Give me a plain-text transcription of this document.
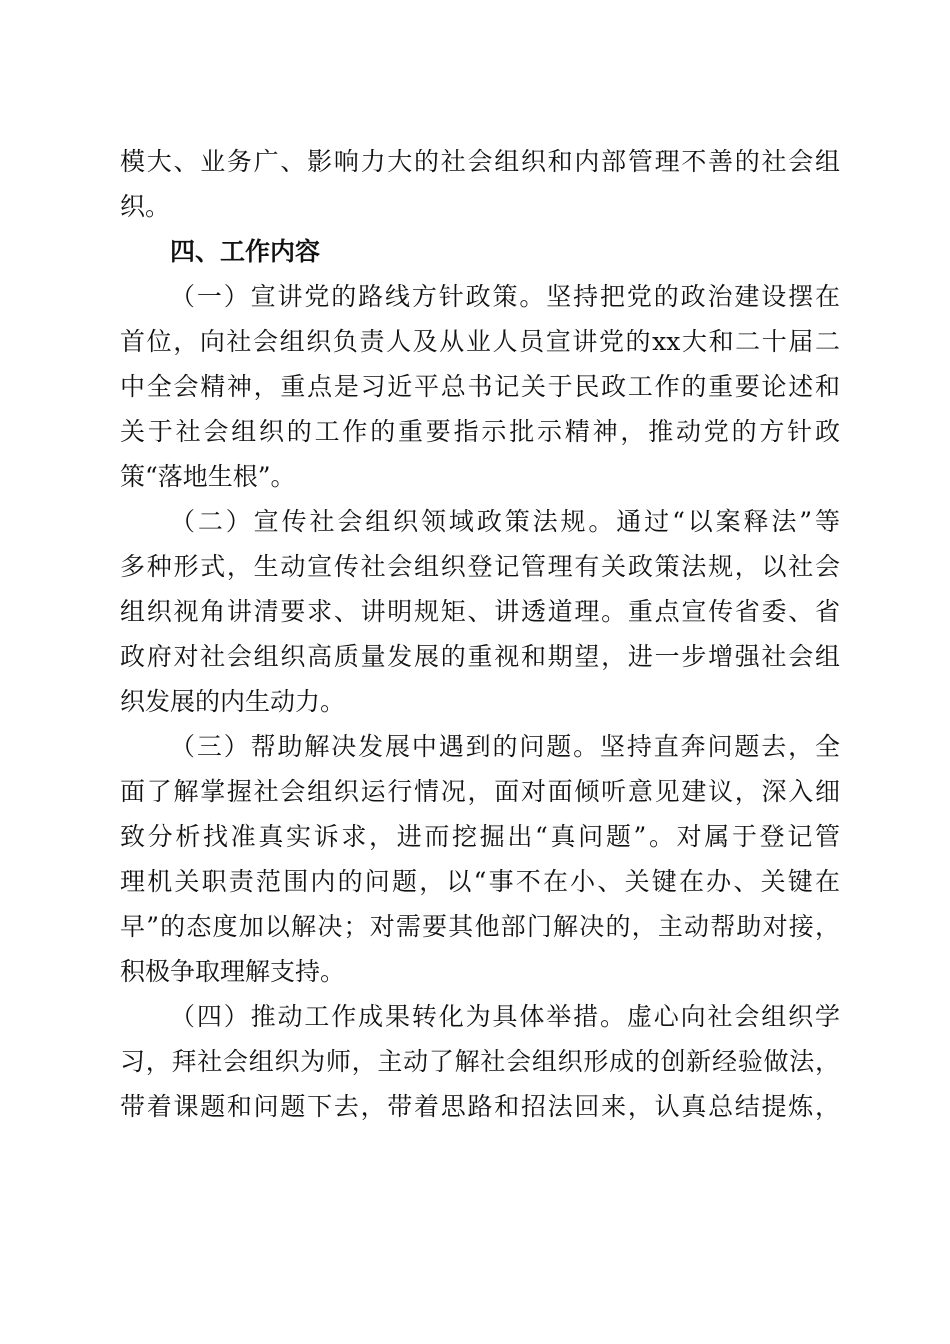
模大、业务广、影响力大的社会组织和内部管理不善的社会组

织。

四、工作内容

（一）宣讲党的路线方针政策。坚持把党的政治建设摆在

首位，向社会组织负责人及从业人员宣讲党的xx大和二十届二

中全会精神，重点是习近平总书记关于民政工作的重要论述和

关于社会组织的工作的重要指示批示精神，推动党的方针政

策“落地生根”。

（二）宣传社会组织领域政策法规。通过“以案释法”等

多种形式，生动宣传社会组织登记管理有关政策法规，以社会

组织视角讲清要求、讲明规矩、讲透道理。重点宣传省委、省

政府对社会组织高质量发展的重视和期望，进一步增强社会组

织发展的内生动力。

（三）帮助解决发展中遇到的问题。坚持直奔问题去，全

面了解掌握社会组织运行情况，面对面倾听意见建议，深入细

致分析找准真实诉求，进而挖掘出“真问题”。对属于登记管

理机关职责范围内的问题，以“事不在小、关键在办、关键在

早”的态度加以解决；对需要其他部门解决的，主动帮助对接，

积极争取理解支持。

（四）推动工作成果转化为具体举措。虚心向社会组织学

习，拜社会组织为师，主动了解社会组织形成的创新经验做法，

带着课题和问题下去，带着思路和招法回来，认真总结提炼，
